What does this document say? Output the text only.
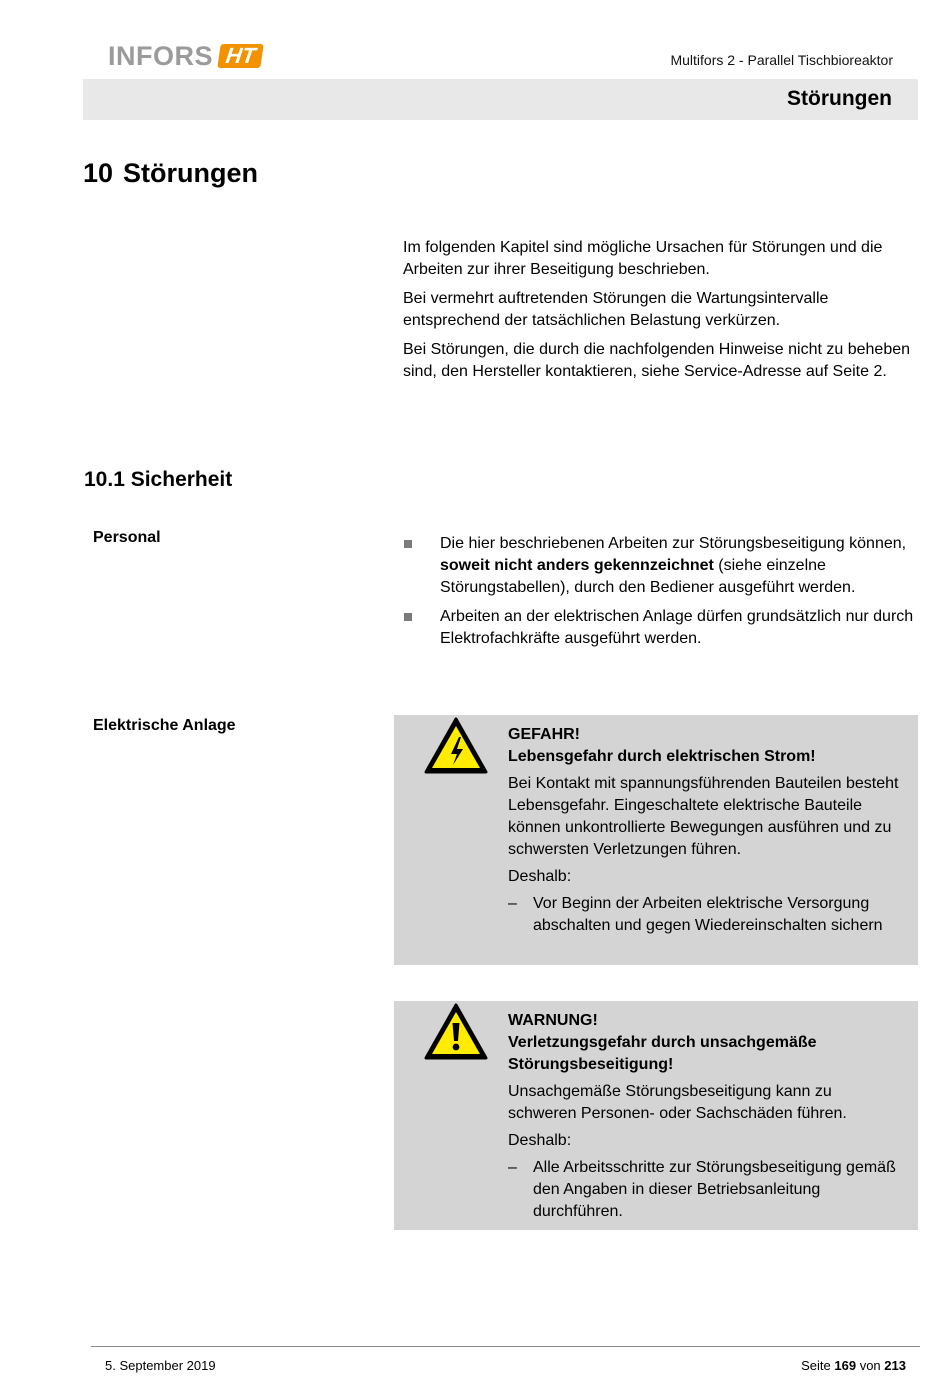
INFORS HT	Multifors 2 - Parallel Tischbioreaktor
Störungen
10 Störungen

Im folgenden Kapitel sind mögliche Ursachen für Störungen und die Arbeiten zur ihrer Beseitigung beschrieben.

Bei vermehrt auftretenden Störungen die Wartungsintervalle entsprechend der tatsächlichen Belastung verkürzen.

Bei Störungen, die durch die nachfolgenden Hinweise nicht zu beheben sind, den Hersteller kontaktieren, siehe Service-Adresse auf Seite 2.

10.1 Sicherheit
Personal	Die hier beschriebenen Arbeiten zur Störungsbeseitigung können, soweit nicht anders gekennzeichnet (siehe einzelne Störungstabellen), durch den Bediener ausgeführt werden.
Arbeiten an der elektrischen Anlage dürfen grundsätzlich nur durch Elektrofachkräfte ausgeführt werden.
Elektrische Anlage

GEFAHR!

Lebensgefahr durch elektrischen Strom!

Bei Kontakt mit spannungsführenden Bauteilen besteht Lebensgefahr. Eingeschaltete elektrische Bauteile können unkontrollierte Bewegungen ausführen und zu schwersten Verletzungen führen.

Deshalb:

– Vor Beginn der Arbeiten elektrische Versorgung abschalten und gegen Wiedereinschalten sichern

WARNUNG!

Verletzungsgefahr durch unsachgemäße Störungsbeseitigung!

Unsachgemäße Störungsbeseitigung kann zu schweren Personen- oder Sachschäden führen.

Deshalb:

– Alle Arbeitsschritte zur Störungsbeseitigung gemäß den Angaben in dieser Betriebsanleitung durchführen.
5. September 2019	Seite 169 von 213
